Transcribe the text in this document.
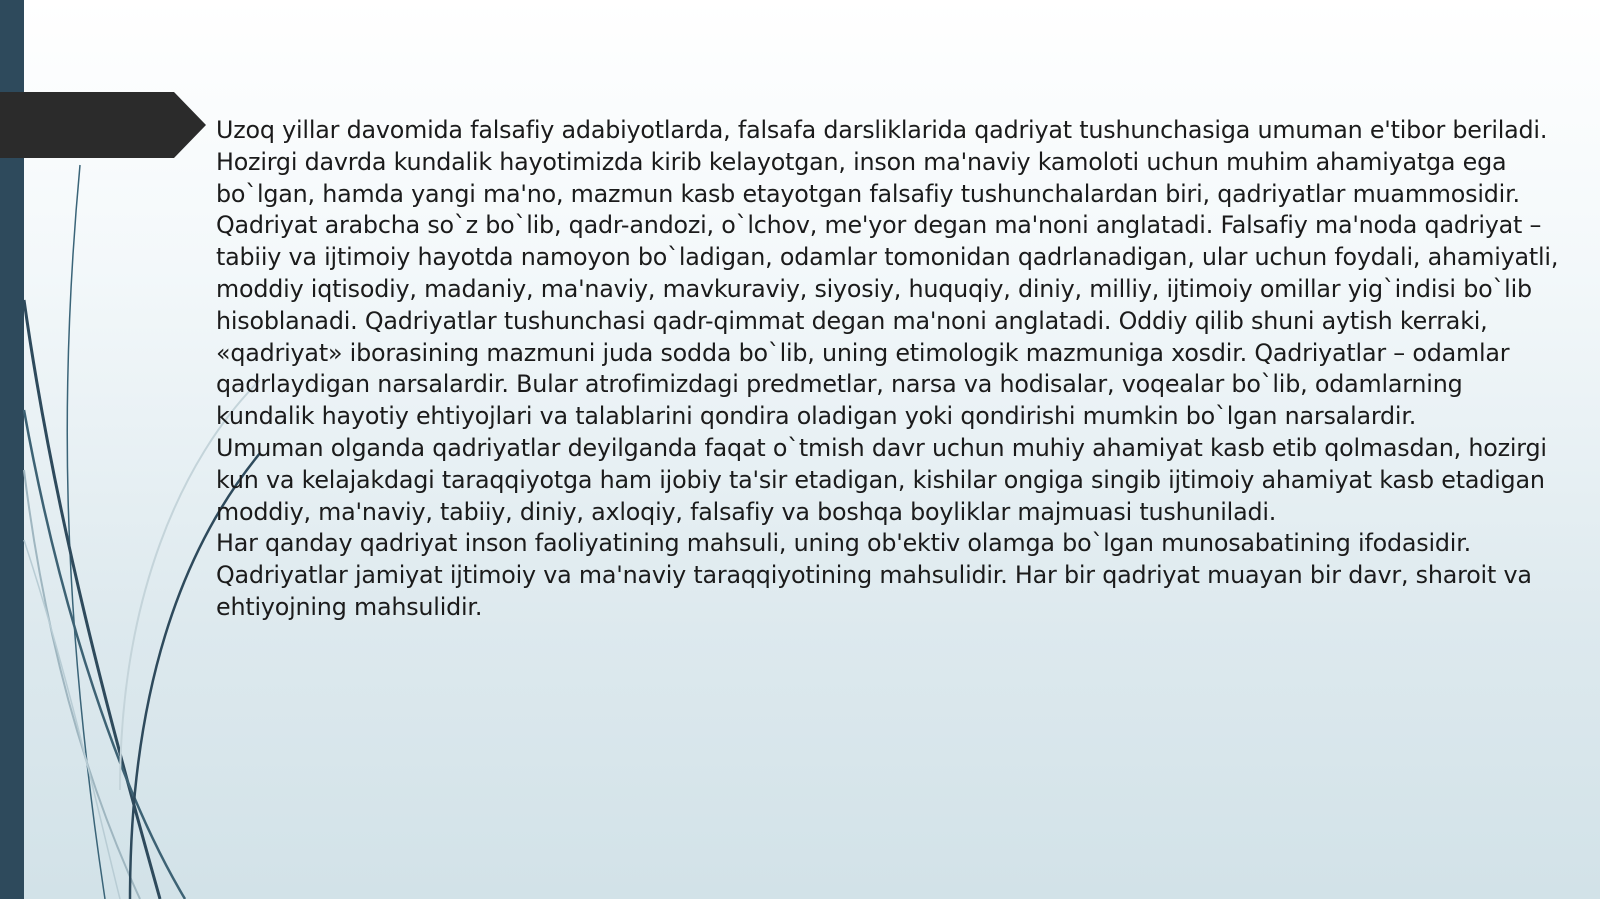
Uzoq yillar davomida falsafiy adabiyotlarda, falsafa darsliklarida qadriyat tushunchasiga umuman e'tibor beriladi. Hozirgi davrda kundalik hayotimizda kirib kelayotgan, inson ma'naviy kamoloti uchun muhim ahamiyatga ega bo`lgan, hamda yangi ma'no, mazmun kasb etayotgan falsafiy tushunchalardan biri, qadriyatlar muammosidir.

Qadriyat arabcha so`z bo`lib, qadr-andozi, o`lchov, me'yor degan ma'noni anglatadi. Falsafiy ma'noda qadriyat – tabiiy va ijtimoiy hayotda namoyon bo`ladigan, odamlar tomonidan qadrlanadigan, ular uchun foydali, ahamiyatli, moddiy iqtisodiy, madaniy, ma'naviy, mavkuraviy, siyosiy, huquqiy, diniy, milliy, ijtimoiy omillar yig`indisi bo`lib hisoblanadi. Qadriyatlar tushunchasi qadr-qimmat degan ma'noni anglatadi. Oddiy qilib shuni aytish kerraki, «qadriyat» iborasining mazmuni juda sodda bo`lib, uning etimologik mazmuniga xosdir. Qadriyatlar – odamlar qadrlaydigan narsalardir. Bular atrofimizdagi predmetlar, narsa va hodisalar, voqealar bo`lib, odamlarning kundalik hayotiy ehtiyojlari va talablarini qondira oladigan yoki qondirishi mumkin bo`lgan narsalardir.

Umuman olganda qadriyatlar deyilganda faqat o`tmish davr uchun muhiy ahamiyat kasb etib qolmasdan, hozirgi kun va kelajakdagi taraqqiyotga ham ijobiy ta'sir etadigan, kishilar ongiga singib ijtimoiy ahamiyat kasb etadigan moddiy, ma'naviy, tabiiy, diniy, axloqiy, falsafiy va boshqa boyliklar majmuasi tushuniladi.

Har qanday qadriyat inson faoliyatining mahsuli, uning ob'ektiv olamga bo`lgan munosabatining ifodasidir.

Qadriyatlar jamiyat ijtimoiy va ma'naviy taraqqiyotining mahsulidir. Har bir qadriyat muayan bir davr, sharoit va ehtiyojning mahsulidir.
